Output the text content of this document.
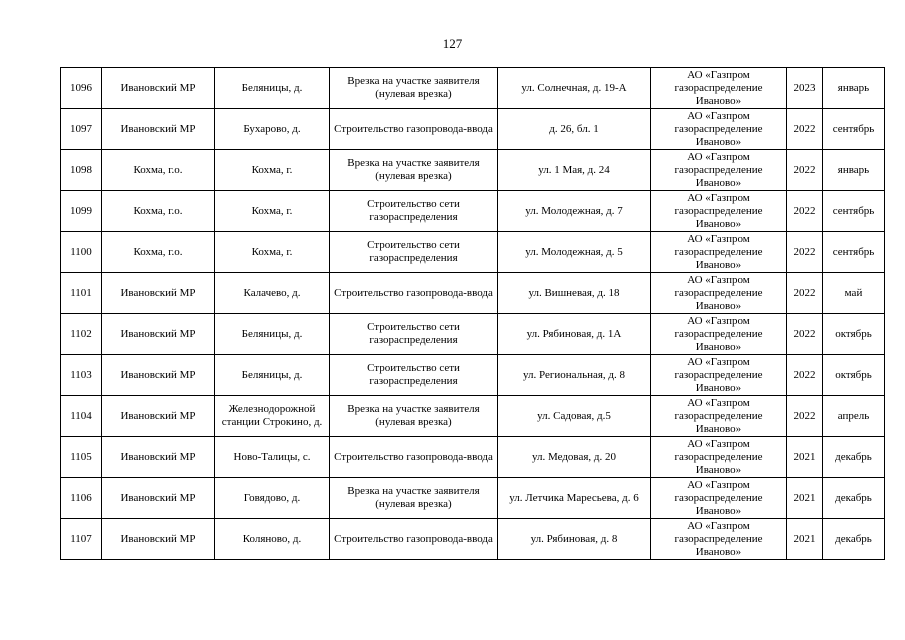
127
1096	Ивановский МР	Беляницы, д.	Врезка на участке заявителя (нулевая врезка)	ул. Солнечная, д. 19-А	АО «Газпром газораспределение Иваново»	2023	январь
1097	Ивановский МР	Бухарово, д.	Строительство газопровода-ввода	д. 26, бл. 1	АО «Газпром газораспределение Иваново»	2022	сентябрь
1098	Кохма, г.о.	Кохма, г.	Врезка на участке заявителя (нулевая врезка)	ул. 1 Мая, д. 24	АО «Газпром газораспределение Иваново»	2022	январь
1099	Кохма, г.о.	Кохма, г.	Строительство сети газораспределения	ул. Молодежная, д. 7	АО «Газпром газораспределение Иваново»	2022	сентябрь
1100	Кохма, г.о.	Кохма, г.	Строительство сети газораспределения	ул. Молодежная, д. 5	АО «Газпром газораспределение Иваново»	2022	сентябрь
1101	Ивановский МР	Калачево, д.	Строительство газопровода-ввода	ул. Вишневая, д. 18	АО «Газпром газораспределение Иваново»	2022	май
1102	Ивановский МР	Беляницы, д.	Строительство сети газораспределения	ул. Рябиновая, д. 1А	АО «Газпром газораспределение Иваново»	2022	октябрь
1103	Ивановский МР	Беляницы, д.	Строительство сети газораспределения	ул. Региональная, д. 8	АО «Газпром газораспределение Иваново»	2022	октябрь
1104	Ивановский МР	Железнодорожной станции Строкино, д.	Врезка на участке заявителя (нулевая врезка)	ул. Садовая, д.5	АО «Газпром газораспределение Иваново»	2022	апрель
1105	Ивановский МР	Ново-Талицы, с.	Строительство газопровода-ввода	ул. Медовая, д. 20	АО «Газпром газораспределение Иваново»	2021	декабрь
1106	Ивановский МР	Говядово, д.	Врезка на участке заявителя (нулевая врезка)	ул. Летчика Маресьева, д. 6	АО «Газпром газораспределение Иваново»	2021	декабрь
1107	Ивановский МР	Коляново, д.	Строительство газопровода-ввода	ул. Рябиновая, д. 8	АО «Газпром газораспределение Иваново»	2021	декабрь
